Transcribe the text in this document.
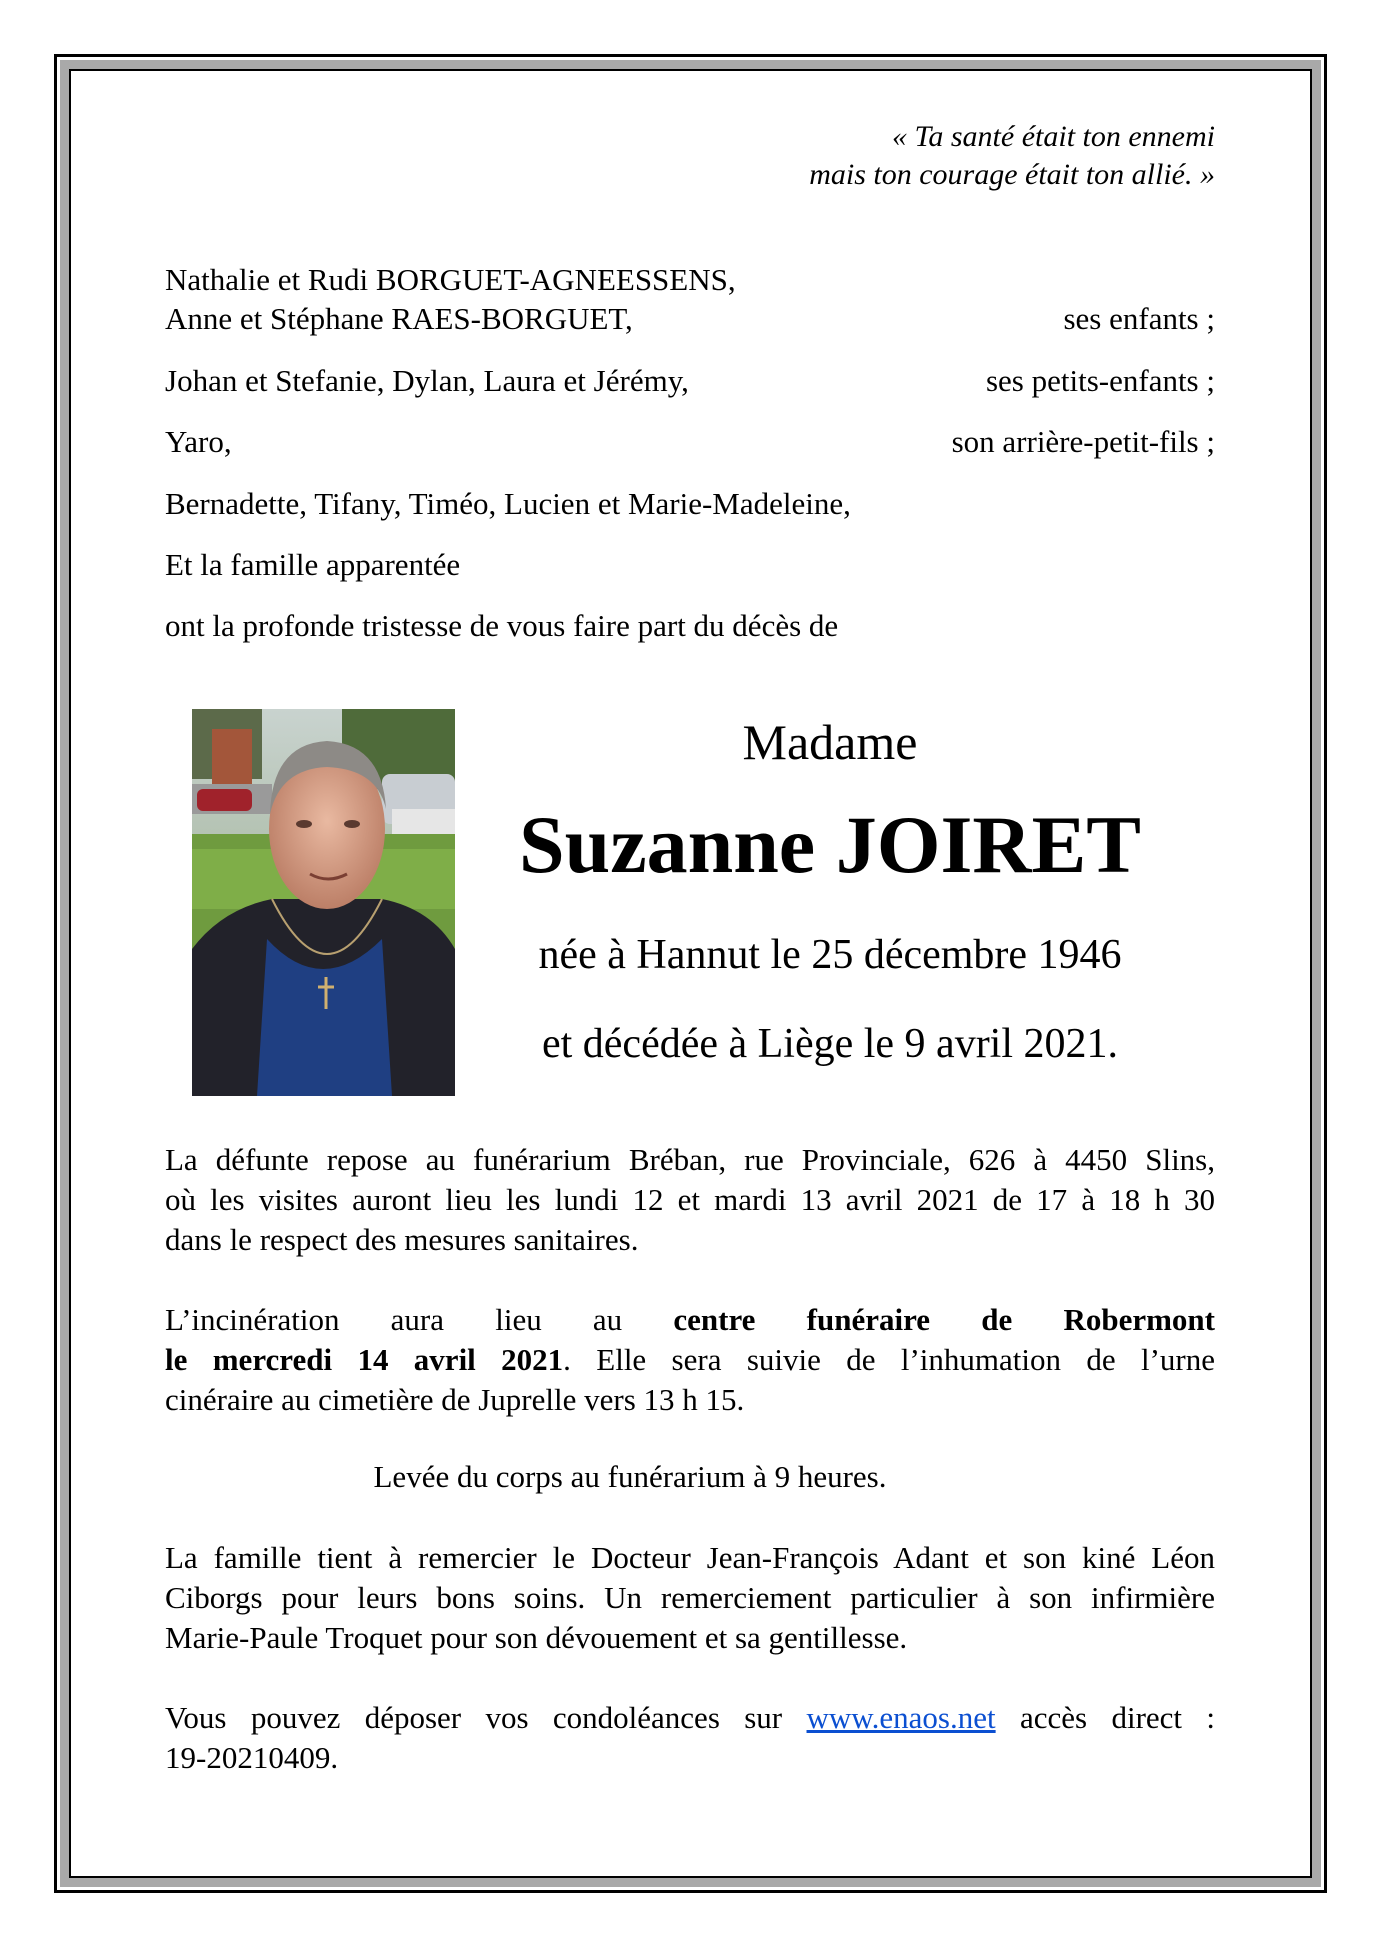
« Ta santé était ton ennemi
mais ton courage était ton allié. »
Nathalie et Rudi BORGUET-AGNEESSENS,
Anne et Stéphane RAES-BORGUET,	ses enfants ;
Johan et Stefanie, Dylan, Laura et Jérémy,	ses petits-enfants ;
Yaro,	son arrière-petit-fils ;
Bernadette, Tifany, Timéo, Lucien et Marie-Madeleine,
Et la famille apparentée
ont la profonde tristesse de vous faire part du décès de
Madame
Suzanne JOIRET
née à Hannut le 25 décembre 1946
et décédée à Liège le 9 avril 2021.
La défunte repose au funérarium Bréban, rue Provinciale, 626 à 4450 Slins,
où les visites auront lieu les lundi 12 et mardi 13 avril 2021 de 17 à 18 h 30
dans le respect des mesures sanitaires.
L’incinération aura lieu au centre funéraire de Robermont
le mercredi 14 avril 2021. Elle sera suivie de l’inhumation de l’urne
cinéraire au cimetière de Juprelle vers 13 h 15.
Levée du corps au funérarium à 9 heures.
La famille tient à remercier le Docteur Jean-François Adant et son kiné Léon
Ciborgs pour leurs bons soins. Un remerciement particulier à son infirmière
Marie-Paule Troquet pour son dévouement et sa gentillesse.
Vous pouvez déposer vos condoléances sur www.enaos.net accès direct :
19-20210409.
